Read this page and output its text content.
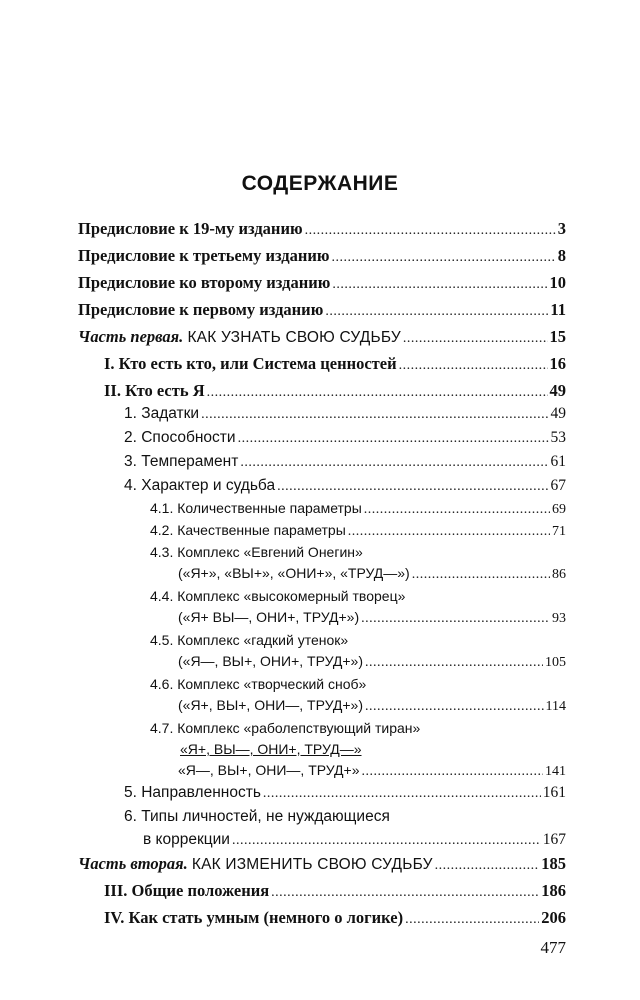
СОДЕРЖАНИЕ
Предисловие к 19-му изданию .....	3
Предисловие к третьему изданию .....	8
Предисловие ко второму изданию .....	10
Предисловие к первому изданию .....	11
Часть первая. КАК УЗНАТЬ СВОЮ СУДЬБУ .....	15
I. Кто есть кто, или Система ценностей .....	16
II. Кто есть Я .....	49
1. Задатки .....	49
2. Способности .....	53
3. Темперамент .....	61
4. Характер и судьба .....	67
4.1. Количественные параметры .....	69
4.2. Качественные параметры .....	71
4.3. Комплекс «Евгений Онегин»
(«Я+», «ВЫ+», «ОНИ+», «ТРУД—») .....	86
4.4. Комплекс «высокомерный творец»
(«Я+ ВЫ—, ОНИ+, ТРУД+») .....	93
4.5. Комплекс «гадкий утенок»
(«Я—, ВЫ+, ОНИ+, ТРУД+») .....	105
4.6. Комплекс «творческий сноб»
(«Я+, ВЫ+, ОНИ—, ТРУД+») .....	114
4.7. Комплекс «раболепствующий тиран»
«Я+, ВЫ—, ОНИ+, ТРУД—»
«Я—, ВЫ+, ОНИ—, ТРУД+» .....	141
5. Направленность .....	161
6. Типы личностей, не нуждающиеся
в коррекции .....	167
Часть вторая. КАК ИЗМЕНИТЬ СВОЮ СУДЬБУ .....	185
III. Общие положения .....	186
IV. Как стать умным (немного о логике) .....	206
477
